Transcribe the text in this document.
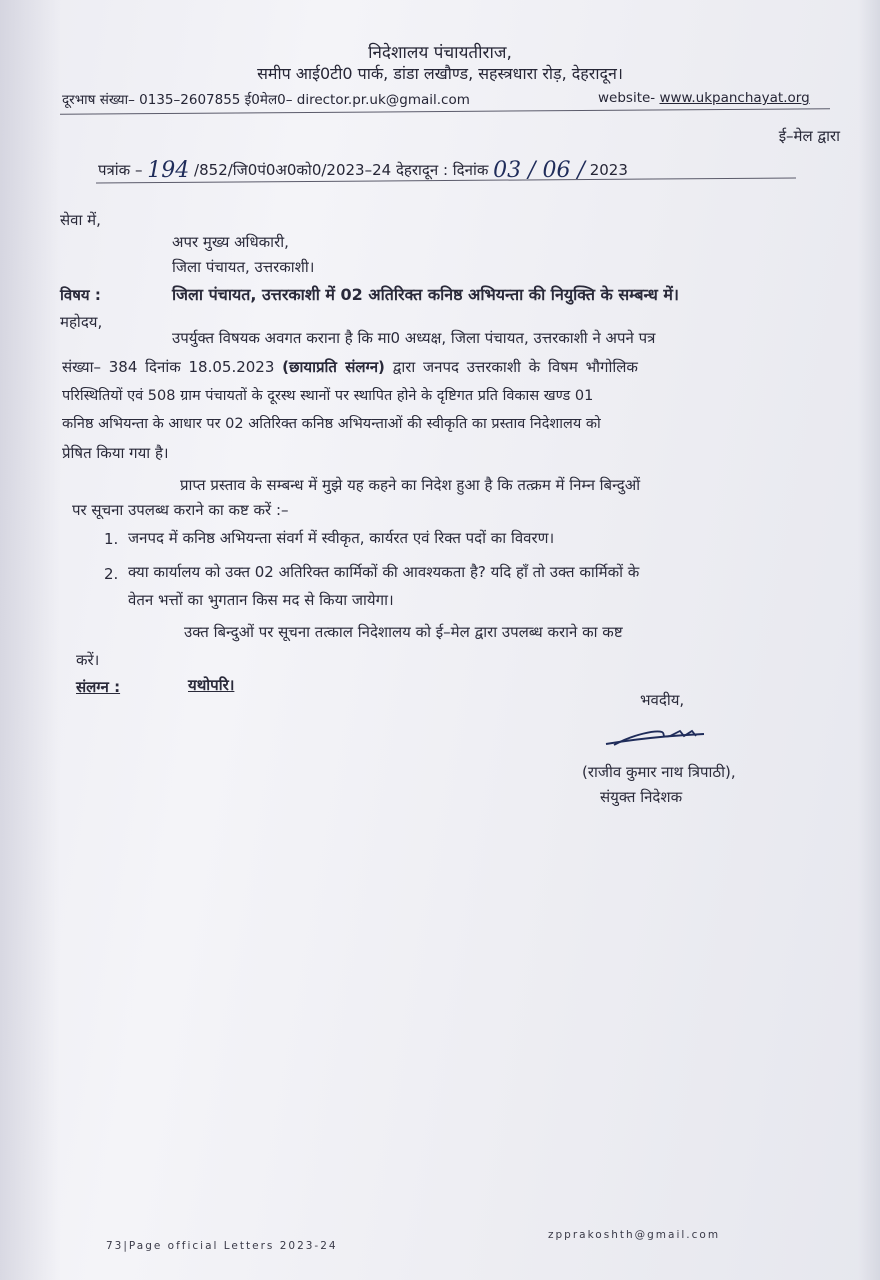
निदेशालय पंचायतीराज,
समीप आई0टी0 पार्क, डांडा लखौण्ड, सहस्त्रधारा रोड़, देहरादून।
दूरभाष संख्या– 0135–2607855 ई0मेल0– director.pr.uk@gmail.com	website- www.ukpanchayat.org
ई–मेल द्वारा
पत्रांक – 194 /852/जि0पं0अ0को0/2023–24 देहरादून : दिनांक 03 / 06 / 2023
सेवा में,
अपर मुख्य अधिकारी,
जिला पंचायत, उत्तरकाशी।
विषय :	जिला पंचायत, उत्तरकाशी में 02 अतिरिक्त कनिष्ठ अभियन्ता की नियुक्ति के सम्बन्ध में।
महोदय,
उपर्युक्त विषयक अवगत कराना है कि मा0 अध्यक्ष, जिला पंचायत, उत्तरकाशी ने अपने पत्र
संख्या– 384 दिनांक 18.05.2023 (छायाप्रति संलग्न) द्वारा जनपद उत्तरकाशी के विषम भौगोलिक
परिस्थितियों एवं 508 ग्राम पंचायतों के दूरस्थ स्थानों पर स्थापित होने के दृष्टिगत प्रति विकास खण्ड 01
कनिष्ठ अभियन्ता के आधार पर 02 अतिरिक्त कनिष्ठ अभियन्ताओं की स्वीकृति का प्रस्ताव निदेशालय को
प्रेषित किया गया है।
प्राप्त प्रस्ताव के सम्बन्ध में मुझे यह कहने का निदेश हुआ है कि तत्क्रम में निम्न बिन्दुओं
पर सूचना उपलब्ध कराने का कष्ट करें :–
1. जनपद में कनिष्ठ अभियन्ता संवर्ग में स्वीकृत, कार्यरत एवं रिक्त पदों का विवरण।
2. क्या कार्यालय को उक्त 02 अतिरिक्त कार्मिकों की आवश्यकता है? यदि हाँ तो उक्त कार्मिकों के
वेतन भत्तों का भुगतान किस मद से किया जायेगा।
उक्त बिन्दुओं पर सूचना तत्काल निदेशालय को ई–मेल द्वारा उपलब्ध कराने का कष्ट
करें।
संलग्न :	यथोपरि।
भवदीय,
(राजीव कुमार नाथ त्रिपाठी),
संयुक्त निदेशक
zpprakoshth@gmail.com
73|Page official Letters 2023-24
